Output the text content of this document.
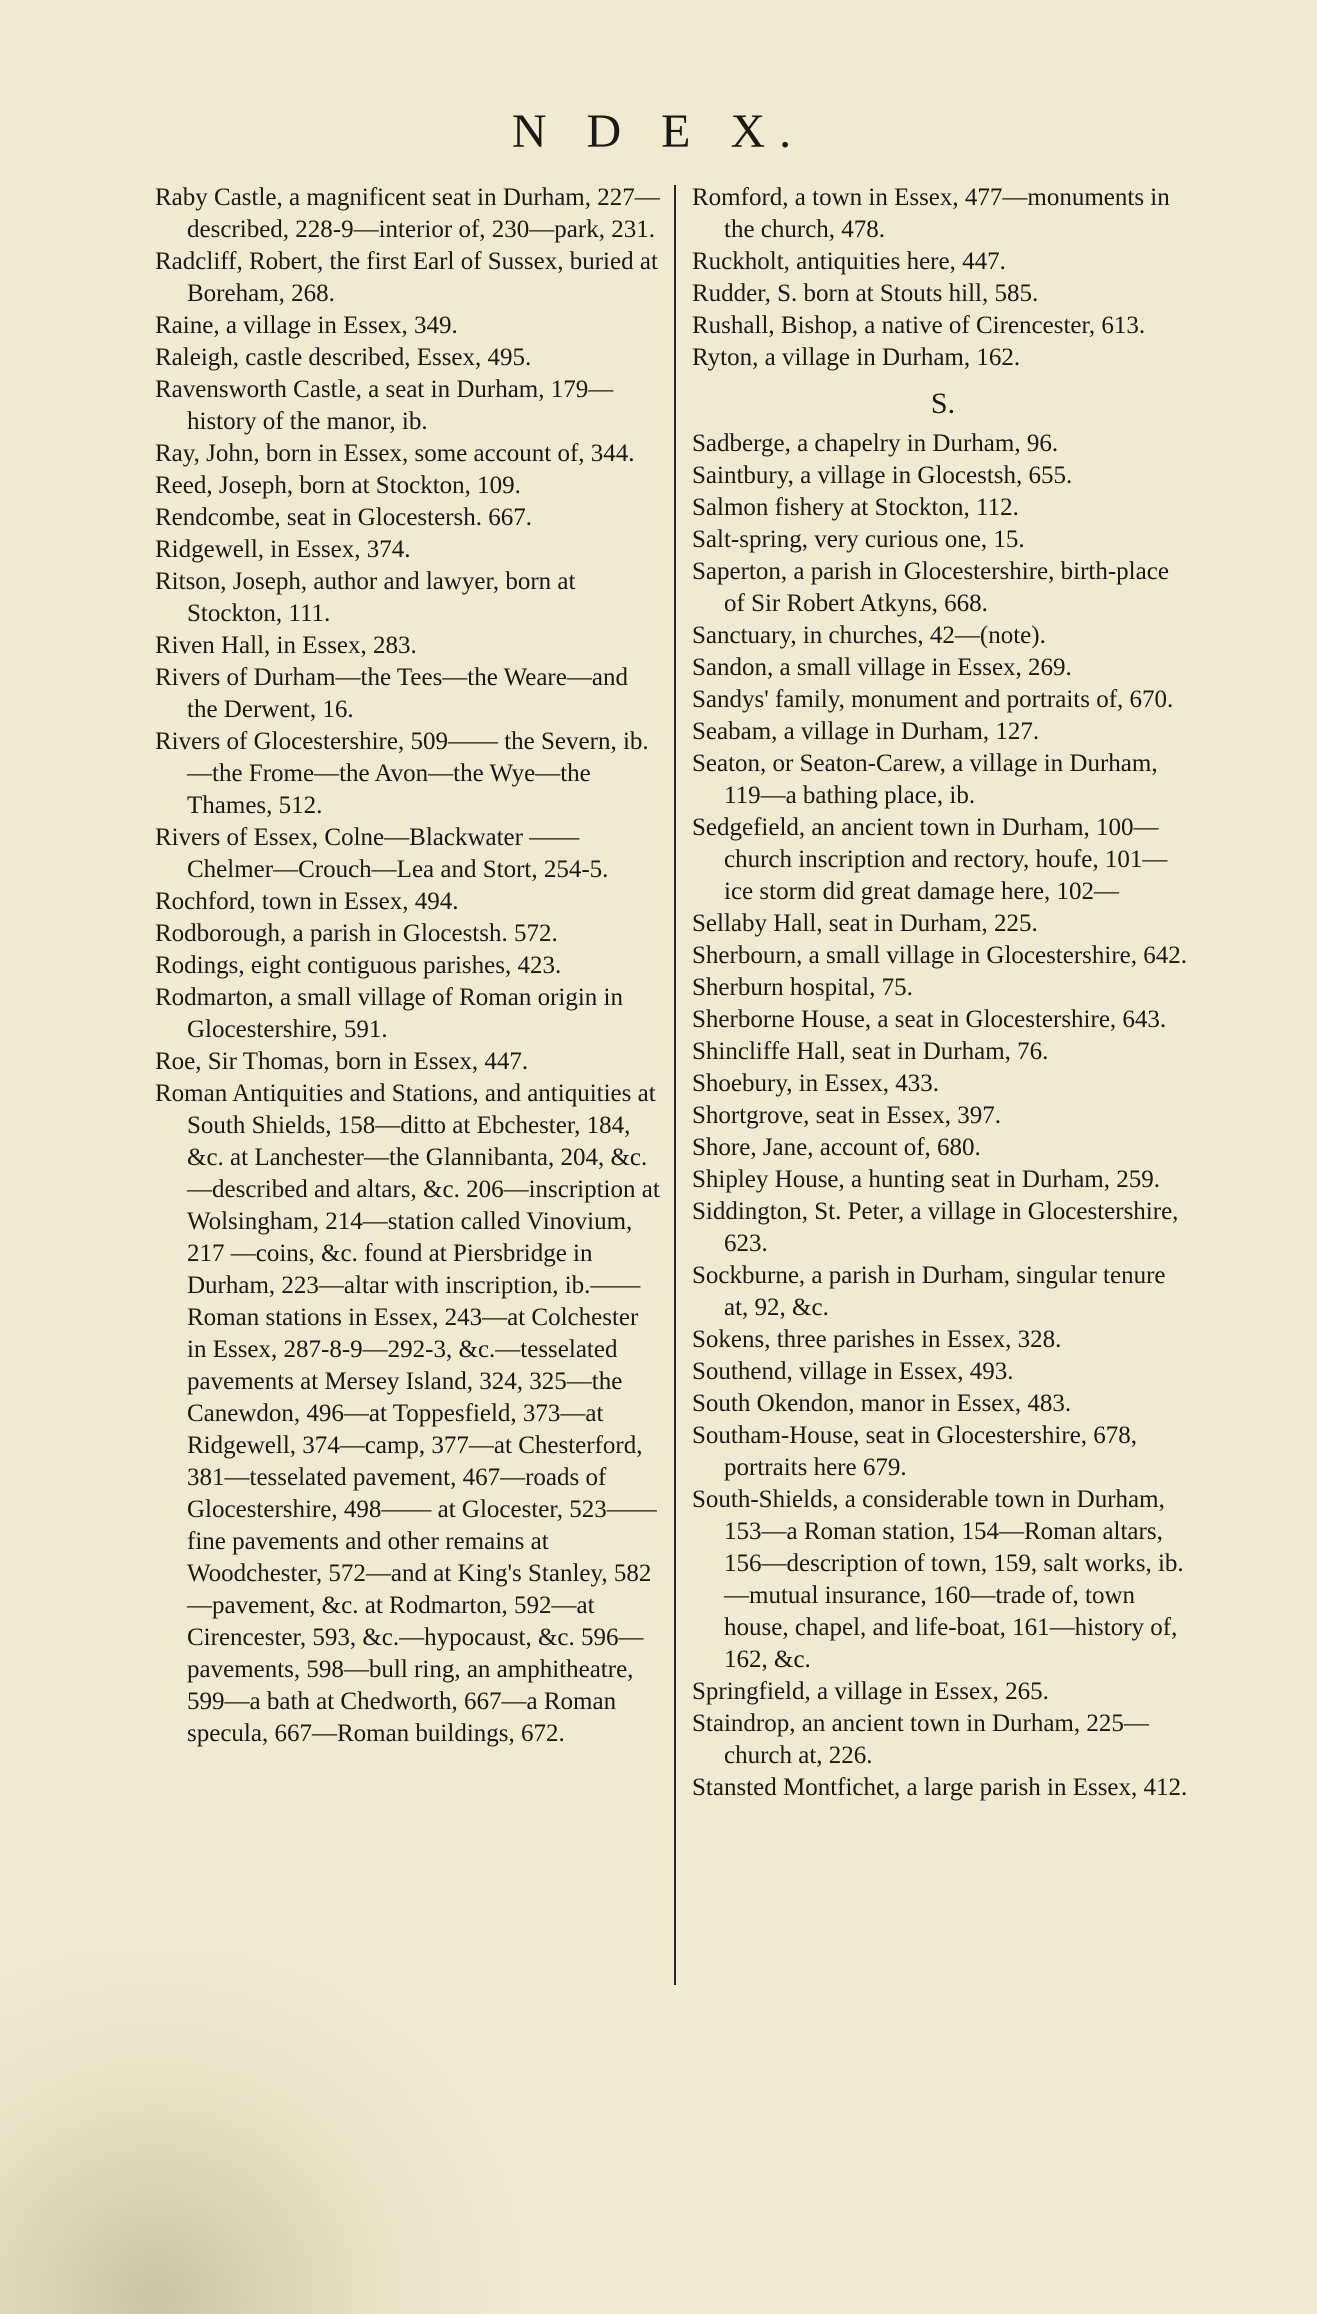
N D E X.

Raby Castle, a magnificent seat in Durham, 227—described, 228-9—interior of, 230—park, 231.

Radcliff, Robert, the first Earl of Sussex, buried at Boreham, 268.

Raine, a village in Essex, 349.

Raleigh, castle described, Essex, 495.

Ravensworth Castle, a seat in Durham, 179—history of the manor, ib.

Ray, John, born in Essex, some account of, 344.

Reed, Joseph, born at Stockton, 109.

Rendcombe, seat in Glocestersh. 667.

Ridgewell, in Essex, 374.

Ritson, Joseph, author and lawyer, born at Stockton, 111.

Riven Hall, in Essex, 283.

Rivers of Durham—the Tees—the Weare—and the Derwent, 16.

Rivers of Glocestershire, 509—— the Severn, ib.—the Frome—the Avon—the Wye—the Thames, 512.

Rivers of Essex, Colne—Blackwater ——Chelmer—Crouch—Lea and Stort, 254-5.

Rochford, town in Essex, 494.

Rodborough, a parish in Glocestsh. 572.

Rodings, eight contiguous parishes, 423.

Rodmarton, a small village of Roman origin in Glocestershire, 591.

Roe, Sir Thomas, born in Essex, 447.

Roman Antiquities and Stations, and antiquities at South Shields, 158—ditto at Ebchester, 184, &c. at Lanchester—the Glannibanta, 204, &c.—described and altars, &c. 206—inscription at Wolsingham, 214—station called Vinovium, 217 —coins, &c. found at Piersbridge in Durham, 223—altar with inscription, ib.——Roman stations in Essex, 243—at Colchester in Essex, 287-8-9—292-3, &c.—tesselated pavements at Mersey Island, 324, 325—the Canewdon, 496—at Toppesfield, 373—at Ridgewell, 374—camp, 377—at Chesterford, 381—tesselated pavement, 467—roads of Glocestershire, 498—— at Glocester, 523——fine pavements and other remains at Woodchester, 572—and at King's Stanley, 582—pavement, &c. at Rodmarton, 592—at Cirencester, 593, &c.—hypocaust, &c. 596—pavements, 598—bull ring, an amphitheatre, 599—a bath at Chedworth, 667—a Roman specula, 667—Roman buildings, 672.

Romford, a town in Essex, 477—monuments in the church, 478.

Ruckholt, antiquities here, 447.

Rudder, S. born at Stouts hill, 585.

Rushall, Bishop, a native of Cirencester, 613.

Ryton, a village in Durham, 162.

S.

Sadberge, a chapelry in Durham, 96.

Saintbury, a village in Glocestsh, 655.

Salmon fishery at Stockton, 112.

Salt-spring, very curious one, 15.

Saperton, a parish in Glocestershire, birth-place of Sir Robert Atkyns, 668.

Sanctuary, in churches, 42—(note).

Sandon, a small village in Essex, 269.

Sandys' family, monument and portraits of, 670.

Seabam, a village in Durham, 127.

Seaton, or Seaton-Carew, a village in Durham, 119—a bathing place, ib.

Sedgefield, an ancient town in Durham, 100—church inscription and rectory, houfe, 101—ice storm did great damage here, 102—

Sellaby Hall, seat in Durham, 225.

Sherbourn, a small village in Glocestershire, 642.

Sherburn hospital, 75.

Sherborne House, a seat in Glocestershire, 643.

Shincliffe Hall, seat in Durham, 76.

Shoebury, in Essex, 433.

Shortgrove, seat in Essex, 397.

Shore, Jane, account of, 680.

Shipley House, a hunting seat in Durham, 259.

Siddington, St. Peter, a village in Glocestershire, 623.

Sockburne, a parish in Durham, singular tenure at, 92, &c.

Sokens, three parishes in Essex, 328.

Southend, village in Essex, 493.

South Okendon, manor in Essex, 483.

Southam-House, seat in Glocestershire, 678, portraits here 679.

South-Shields, a considerable town in Durham, 153—a Roman station, 154—Roman altars, 156—description of town, 159, salt works, ib. —mutual insurance, 160—trade of, town house, chapel, and life-boat, 161—history of, 162, &c.

Springfield, a village in Essex, 265.

Staindrop, an ancient town in Durham, 225—church at, 226.

Stansted Montfichet, a large parish in Essex, 412.
